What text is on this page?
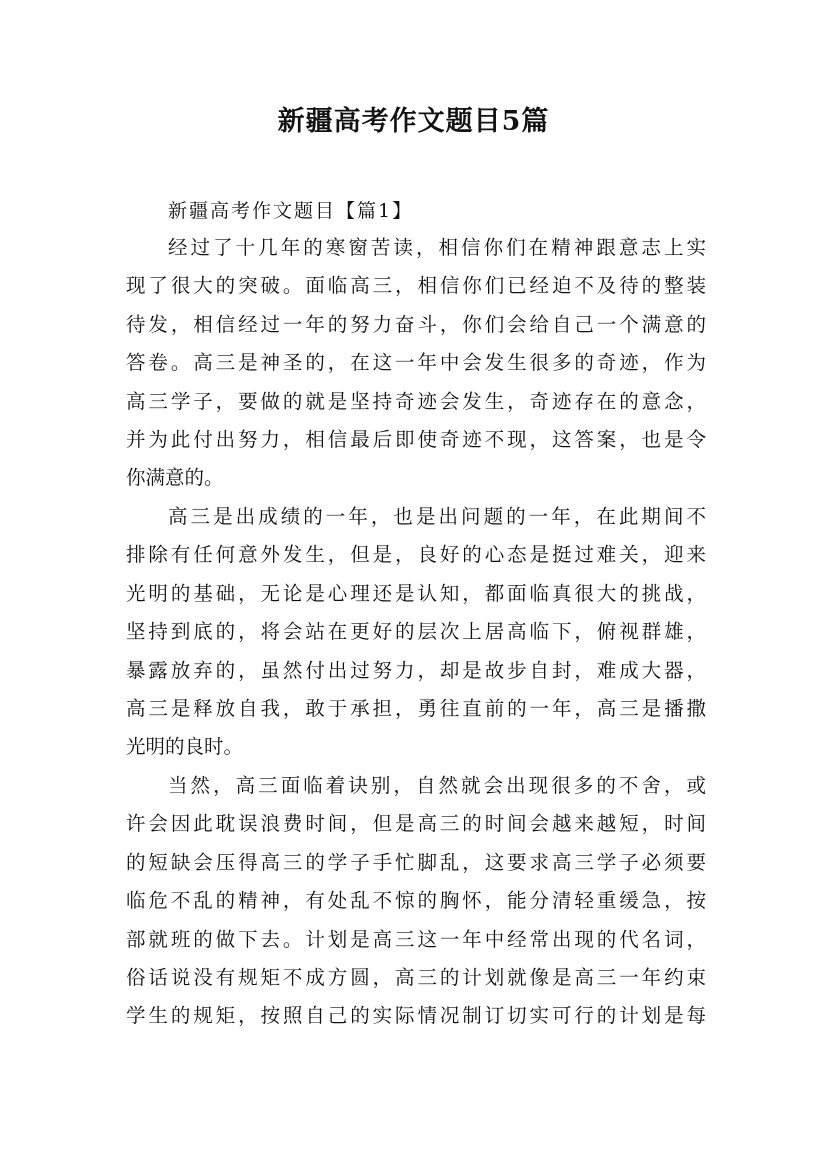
新疆高考作文题目5篇
新疆高考作文题目【篇1】
经过了十几年的寒窗苦读，相信你们在精神跟意志上实
现了很大的突破。面临高三，相信你们已经迫不及待的整装
待发，相信经过一年的努力奋斗，你们会给自己一个满意的
答卷。高三是神圣的，在这一年中会发生很多的奇迹，作为
高三学子，要做的就是坚持奇迹会发生，奇迹存在的意念，
并为此付出努力，相信最后即使奇迹不现，这答案，也是令
你满意的。
高三是出成绩的一年，也是出问题的一年，在此期间不
排除有任何意外发生，但是，良好的心态是挺过难关，迎来
光明的基础，无论是心理还是认知，都面临真很大的挑战，
坚持到底的，将会站在更好的层次上居高临下，俯视群雄，
暴露放弃的，虽然付出过努力，却是故步自封，难成大器，
高三是释放自我，敢于承担，勇往直前的一年，高三是播撒
光明的良时。
当然，高三面临着诀别，自然就会出现很多的不舍，或
许会因此耽误浪费时间，但是高三的时间会越来越短，时间
的短缺会压得高三的学子手忙脚乱，这要求高三学子必须要
临危不乱的精神，有处乱不惊的胸怀，能分清轻重缓急，按
部就班的做下去。计划是高三这一年中经常出现的代名词，
俗话说没有规矩不成方圆，高三的计划就像是高三一年约束
学生的规矩，按照自己的实际情况制订切实可行的计划是每
